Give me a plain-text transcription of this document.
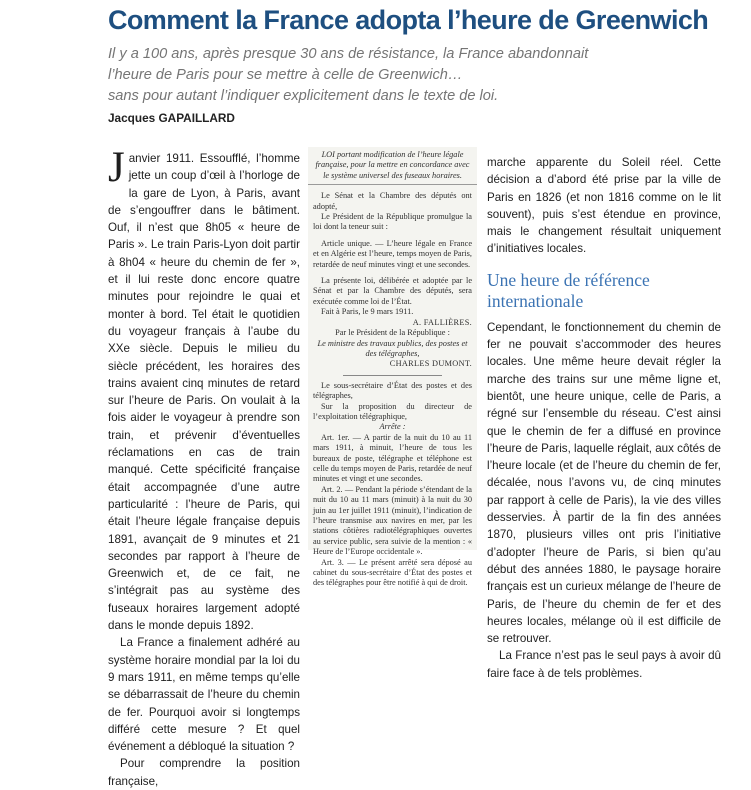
Comment la France adopta l’heure de Greenwich
Il y a 100 ans, après presque 30 ans de résistance, la France abandonnait
l’heure de Paris pour se mettre à celle de Greenwich…
sans pour autant l’indiquer explicitement dans le texte de loi.
Jacques GAPAILLARD

Janvier 1911. Essoufflé, l’homme jette un coup d’œil à l’horloge de la gare de Lyon, à Paris, avant de s’engouffrer dans le bâtiment. Ouf, il n’est que 8h05 « heure de Paris ». Le train Paris-Lyon doit partir à 8h04 « heure du chemin de fer », et il lui reste donc encore quatre minutes pour rejoindre le quai et monter à bord. Tel était le quotidien du voyageur français à l’aube du XXe siècle. Depuis le milieu du siècle précédent, les horaires des trains avaient cinq minutes de retard sur l’heure de Paris. On voulait à la fois aider le voyageur à prendre son train, et prévenir d’éventuelles réclamations en cas de train manqué. Cette spécificité française était accompagnée d’une autre particularité : l’heure de Paris, qui était l’heure légale française depuis 1891, avançait de 9 minutes et 21 secondes par rapport à l’heure de Greenwich et, de ce fait, ne s’intégrait pas au système des fuseaux horaires largement adopté dans le monde depuis 1892.

La France a finalement adhéré au système horaire mondial par la loi du 9 mars 1911, en même temps qu’elle se débarrassait de l’heure du chemin de fer. Pourquoi avoir si longtemps différé cette mesure ? Et quel événement a débloqué la situation ?

Pour comprendre la position française,

LOI portant modification de l’heure légale française, pour la mettre en concordance avec le système universel des fuseaux horaires.

Le Sénat et la Chambre des députés ont adopté,

Le Président de la République promulgue la loi dont la teneur suit :

Article unique. — L’heure légale en France et en Algérie est l’heure, temps moyen de Paris, retardée de neuf minutes vingt et une secondes.

La présente loi, délibérée et adoptée par le Sénat et par la Chambre des députés, sera exécutée comme loi de l’État.

Fait à Paris, le 9 mars 1911.

A. FALLIÈRES.

Par le Président de la République :

Le ministre des travaux publics, des postes et des télégraphes,

CHARLES DUMONT.

Le sous-secrétaire d’État des postes et des télégraphes,

Sur la proposition du directeur de l’exploitation télégraphique,

Arrête :

Art. 1er. — A partir de la nuit du 10 au 11 mars 1911, à minuit, l’heure de tous les bureaux de poste, télégraphe et téléphone est celle du temps moyen de Paris, retardée de neuf minutes et vingt et une secondes.

Art. 2. — Pendant la période s’étendant de la nuit du 10 au 11 mars (minuit) à la nuit du 30 juin au 1er juillet 1911 (minuit), l’indication de l’heure transmise aux navires en mer, par les stations côtières radiotélégraphiques ouvertes au service public, sera suivie de la mention : « Heure de l’Europe occidentale ».

Art. 3. — Le présent arrêté sera déposé au cabinet du sous-secrétaire d’État des postes et des télégraphes pour être notifié à qui de droit.

marche apparente du Soleil réel. Cette décision a d’abord été prise par la ville de Paris en 1826 (et non 1816 comme on le lit souvent), puis s’est étendue en province, mais le changement résultait uniquement d’initiatives locales.

Une heure de référence internationale

Cependant, le fonctionnement du chemin de fer ne pouvait s’accommoder des heures locales. Une même heure devait régler la marche des trains sur une même ligne et, bientôt, une heure unique, celle de Paris, a régné sur l’ensemble du réseau. C’est ainsi que le chemin de fer a diffusé en province l’heure de Paris, laquelle réglait, aux côtés de l’heure locale (et de l’heure du chemin de fer, décalée, nous l’avons vu, de cinq minutes par rapport à celle de Paris), la vie des villes desservies. À partir de la fin des années 1870, plusieurs villes ont pris l’initiative d’adopter l’heure de Paris, si bien qu’au début des années 1880, le paysage horaire français est un curieux mélange de l’heure de Paris, de l’heure du chemin de fer et des heures locales, mélange où il est difficile de se retrouver.

La France n’est pas le seul pays à avoir dû faire face à de tels problèmes.
